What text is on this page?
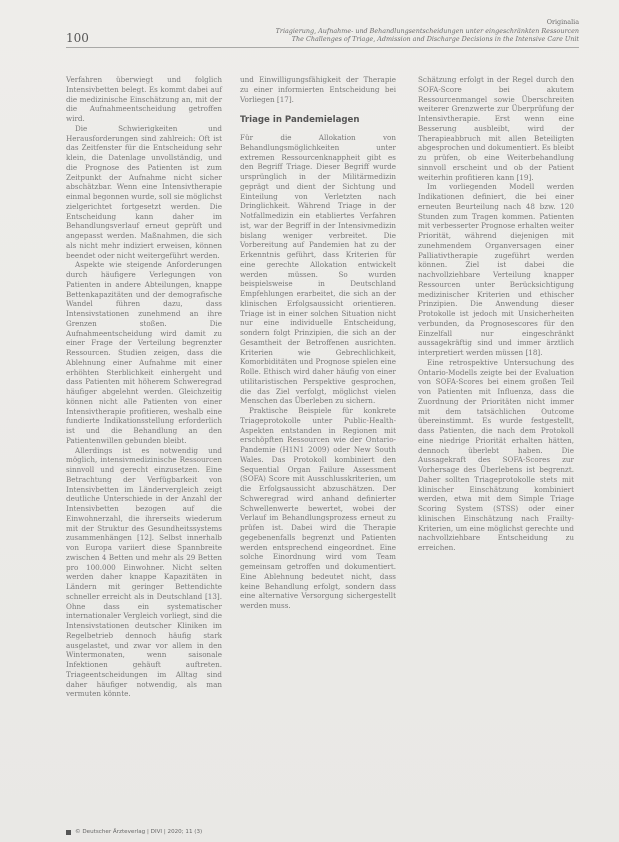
100
Originalia
Triagierung, Aufnahme- und Behandlungsentscheidungen unter eingeschränkten Ressourcen
The Challenges of Triage, Admission and Discharge Decisions in the Intensive Care Unit

Verfahren überwiegt und folglich Intensivbetten belegt. Es kommt dabei auf die medizinische Einschätzung an, mit der die Aufnahmeentscheidung getroffen wird.

Die Schwierigkeiten und Herausforderungen sind zahlreich: Oft ist das Zeitfenster für die Entscheidung sehr klein, die Datenlage unvollständig, und die Prognose des Patienten ist zum Zeitpunkt der Aufnahme nicht sicher abschätzbar. Wenn eine Intensivtherapie einmal begonnen wurde, soll sie möglichst zielgerichtet fortgesetzt werden. Die Entscheidung kann daher im Behandlungsverlauf erneut geprüft und angepasst werden. Maßnahmen, die sich als nicht mehr indiziert erweisen, können beendet oder nicht weitergeführt werden.

Aspekte wie steigende Anforderungen durch häufigere Verlegungen von Patienten in andere Abteilungen, knappe Bettenkapazitäten und der demografische Wandel führen dazu, dass Intensivstationen zunehmend an ihre Grenzen stoßen. Die Aufnahmeentscheidung wird damit zu einer Frage der Verteilung begrenzter Ressourcen. Studien zeigen, dass die Ablehnung einer Aufnahme mit einer erhöhten Sterblichkeit einhergeht und dass Patienten mit höherem Schweregrad häufiger abgelehnt werden. Gleichzeitig können nicht alle Patienten von einer Intensivtherapie profitieren, weshalb eine fundierte Indikationsstellung erforderlich ist und die Behandlung an den Patientenwillen gebunden bleibt.

Allerdings ist es notwendig und möglich, intensivmedizinische Ressourcen sinnvoll und gerecht einzusetzen. Eine Betrachtung der Verfügbarkeit von Intensivbetten im Ländervergleich zeigt deutliche Unterschiede in der Anzahl der Intensivbetten bezogen auf die Einwohnerzahl, die ihrerseits wiederum mit der Struktur des Gesundheitssystems zusammenhängen [12]. Selbst innerhalb von Europa variiert diese Spannbreite zwischen 4 Betten und mehr als 29 Betten pro 100.000 Einwohner. Nicht selten werden daher knappe Kapazitäten in Ländern mit geringer Bettendichte schneller erreicht als in Deutschland [13]. Ohne dass ein systematischer internationaler Vergleich vorliegt, sind die Intensivstationen deutscher Kliniken im Regelbetrieb dennoch häufig stark ausgelastet, und zwar vor allem in den Wintermonaten, wenn saisonale Infektionen gehäuft auftreten. Triageentscheidungen im Alltag sind daher häufiger notwendig, als man vermuten könnte.

und Einwilligungsfähigkeit der Therapie zu einer informierten Entscheidung bei Vorliegen [17].

Triage in Pandemielagen

Für die Allokation von Behandlungsmöglichkeiten unter extremen Ressourcenknappheit gibt es den Begriff Triage. Dieser Begriff wurde ursprünglich in der Militärmedizin geprägt und dient der Sichtung und Einteilung von Verletzten nach Dringlichkeit. Während Triage in der Notfallmedizin ein etabliertes Verfahren ist, war der Begriff in der Intensivmedizin bislang weniger verbreitet. Die Vorbereitung auf Pandemien hat zu der Erkenntnis geführt, dass Kriterien für eine gerechte Allokation entwickelt werden müssen. So wurden beispielsweise in Deutschland Empfehlungen erarbeitet, die sich an der klinischen Erfolgsaussicht orientieren. Triage ist in einer solchen Situation nicht nur eine individuelle Entscheidung, sondern folgt Prinzipien, die sich an der Gesamtheit der Betroffenen ausrichten. Kriterien wie Gebrechlichkeit, Komorbiditäten und Prognose spielen eine Rolle. Ethisch wird daher häufig von einer utilitaristischen Perspektive gesprochen, die das Ziel verfolgt, möglichst vielen Menschen das Überleben zu sichern.

Praktische Beispiele für konkrete Triageprotokolle unter Public-Health-Aspekten entstanden in Regionen mit erschöpften Ressourcen wie der Ontario-Pandemie (H1N1 2009) oder New South Wales. Das Protokoll kombiniert den Sequential Organ Failure Assessment (SOFA) Score mit Ausschlusskriterien, um die Erfolgsaussicht abzuschätzen. Der Schweregrad wird anhand definierter Schwellenwerte bewertet, wobei der Verlauf im Behandlungsprozess erneut zu prüfen ist. Dabei wird die Therapie gegebenenfalls begrenzt und Patienten werden entsprechend eingeordnet. Eine solche Einordnung wird vom Team gemeinsam getroffen und dokumentiert. Eine Ablehnung bedeutet nicht, dass keine Behandlung erfolgt, sondern dass eine alternative Versorgung sichergestellt werden muss.

Schätzung erfolgt in der Regel durch den SOFA-Score bei akutem Ressourcenmangel sowie Überschreiten weiterer Grenzwerte zur Überprüfung der Intensivtherapie. Erst wenn eine Besserung ausbleibt, wird der Therapieabbruch mit allen Beteiligten abgesprochen und dokumentiert. Es bleibt zu prüfen, ob eine Weiterbehandlung sinnvoll erscheint und ob der Patient weiterhin profitieren kann [19].

Im vorliegenden Modell werden Indikationen definiert, die bei einer erneuten Beurteilung nach 48 bzw. 120 Stunden zum Tragen kommen. Patienten mit verbesserter Prognose erhalten weiter Priorität, während diejenigen mit zunehmendem Organversagen einer Palliativtherapie zugeführt werden können. Ziel ist dabei die nachvollziehbare Verteilung knapper Ressourcen unter Berücksichtigung medizinischer Kriterien und ethischer Prinzipien. Die Anwendung dieser Protokolle ist jedoch mit Unsicherheiten verbunden, da Prognosescores für den Einzelfall nur eingeschränkt aussagekräftig sind und immer ärztlich interpretiert werden müssen [18].

Eine retrospektive Untersuchung des Ontario-Modells zeigte bei der Evaluation von SOFA-Scores bei einem großen Teil von Patienten mit Influenza, dass die Zuordnung der Prioritäten nicht immer mit dem tatsächlichen Outcome übereinstimmt. Es wurde festgestellt, dass Patienten, die nach dem Protokoll eine niedrige Priorität erhalten hätten, dennoch überlebt haben. Die Aussagekraft des SOFA-Scores zur Vorhersage des Überlebens ist begrenzt. Daher sollten Triageprotokolle stets mit klinischer Einschätzung kombiniert werden, etwa mit dem Simple Triage Scoring System (STSS) oder einer klinischen Einschätzung nach Frailty-Kriterien, um eine möglichst gerechte und nachvollziehbare Entscheidung zu erreichen.

© Deutscher Ärzteverlag | DIVI | 2020; 11 (3)
